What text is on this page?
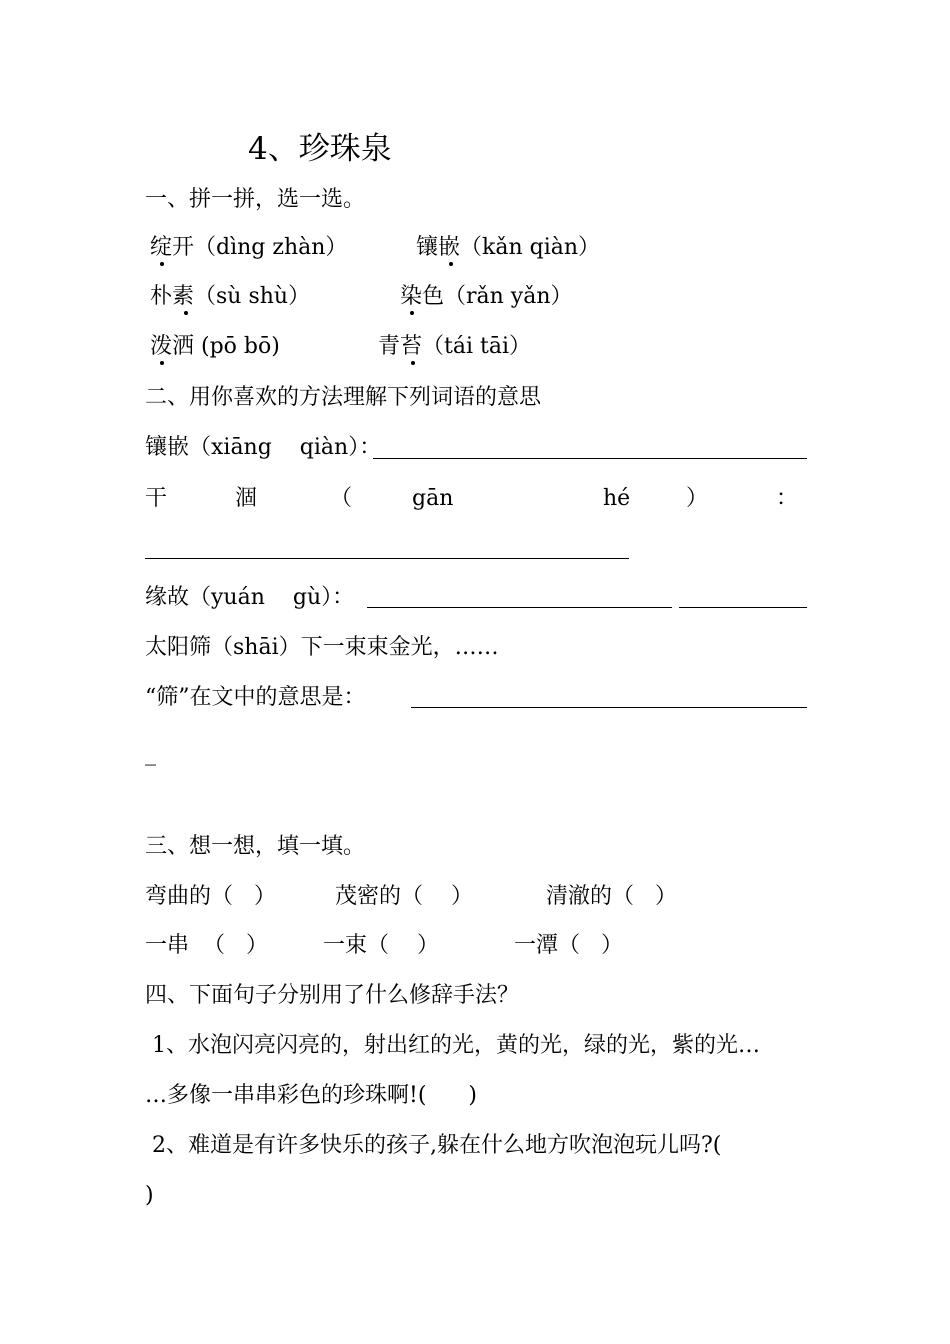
4、珍珠泉
一、拼一拼，选一选。
绽开（dìng zhàn）	镶嵌（kǎn qiàn）
朴素（sù shù）	染色（rǎn yǎn）
泼洒 (pō bō)	青苔（tái tāi）
二、用你喜欢的方法理解下列词语的意思
镶嵌（xiāng    qiàn）：
干	涸	（	gān	hé	）	：
缘故（yuán    gù）：
太阳筛（shāi）下一束束金光，……
“筛”在文中的意思是：
_
三、想一想，填一填。
弯曲的（   ）	茂密的（    ）	清澈的（   ）
一串  （   ）	一束（    ）	一潭（   ）
四、下面句子分别用了什么修辞手法？
1、水泡闪亮闪亮的，射出红的光，黄的光，绿的光，紫的光…
…多像一串串彩色的珍珠啊!(      )
2、难道是有许多快乐的孩子,躲在什么地方吹泡泡玩儿吗?(
)
